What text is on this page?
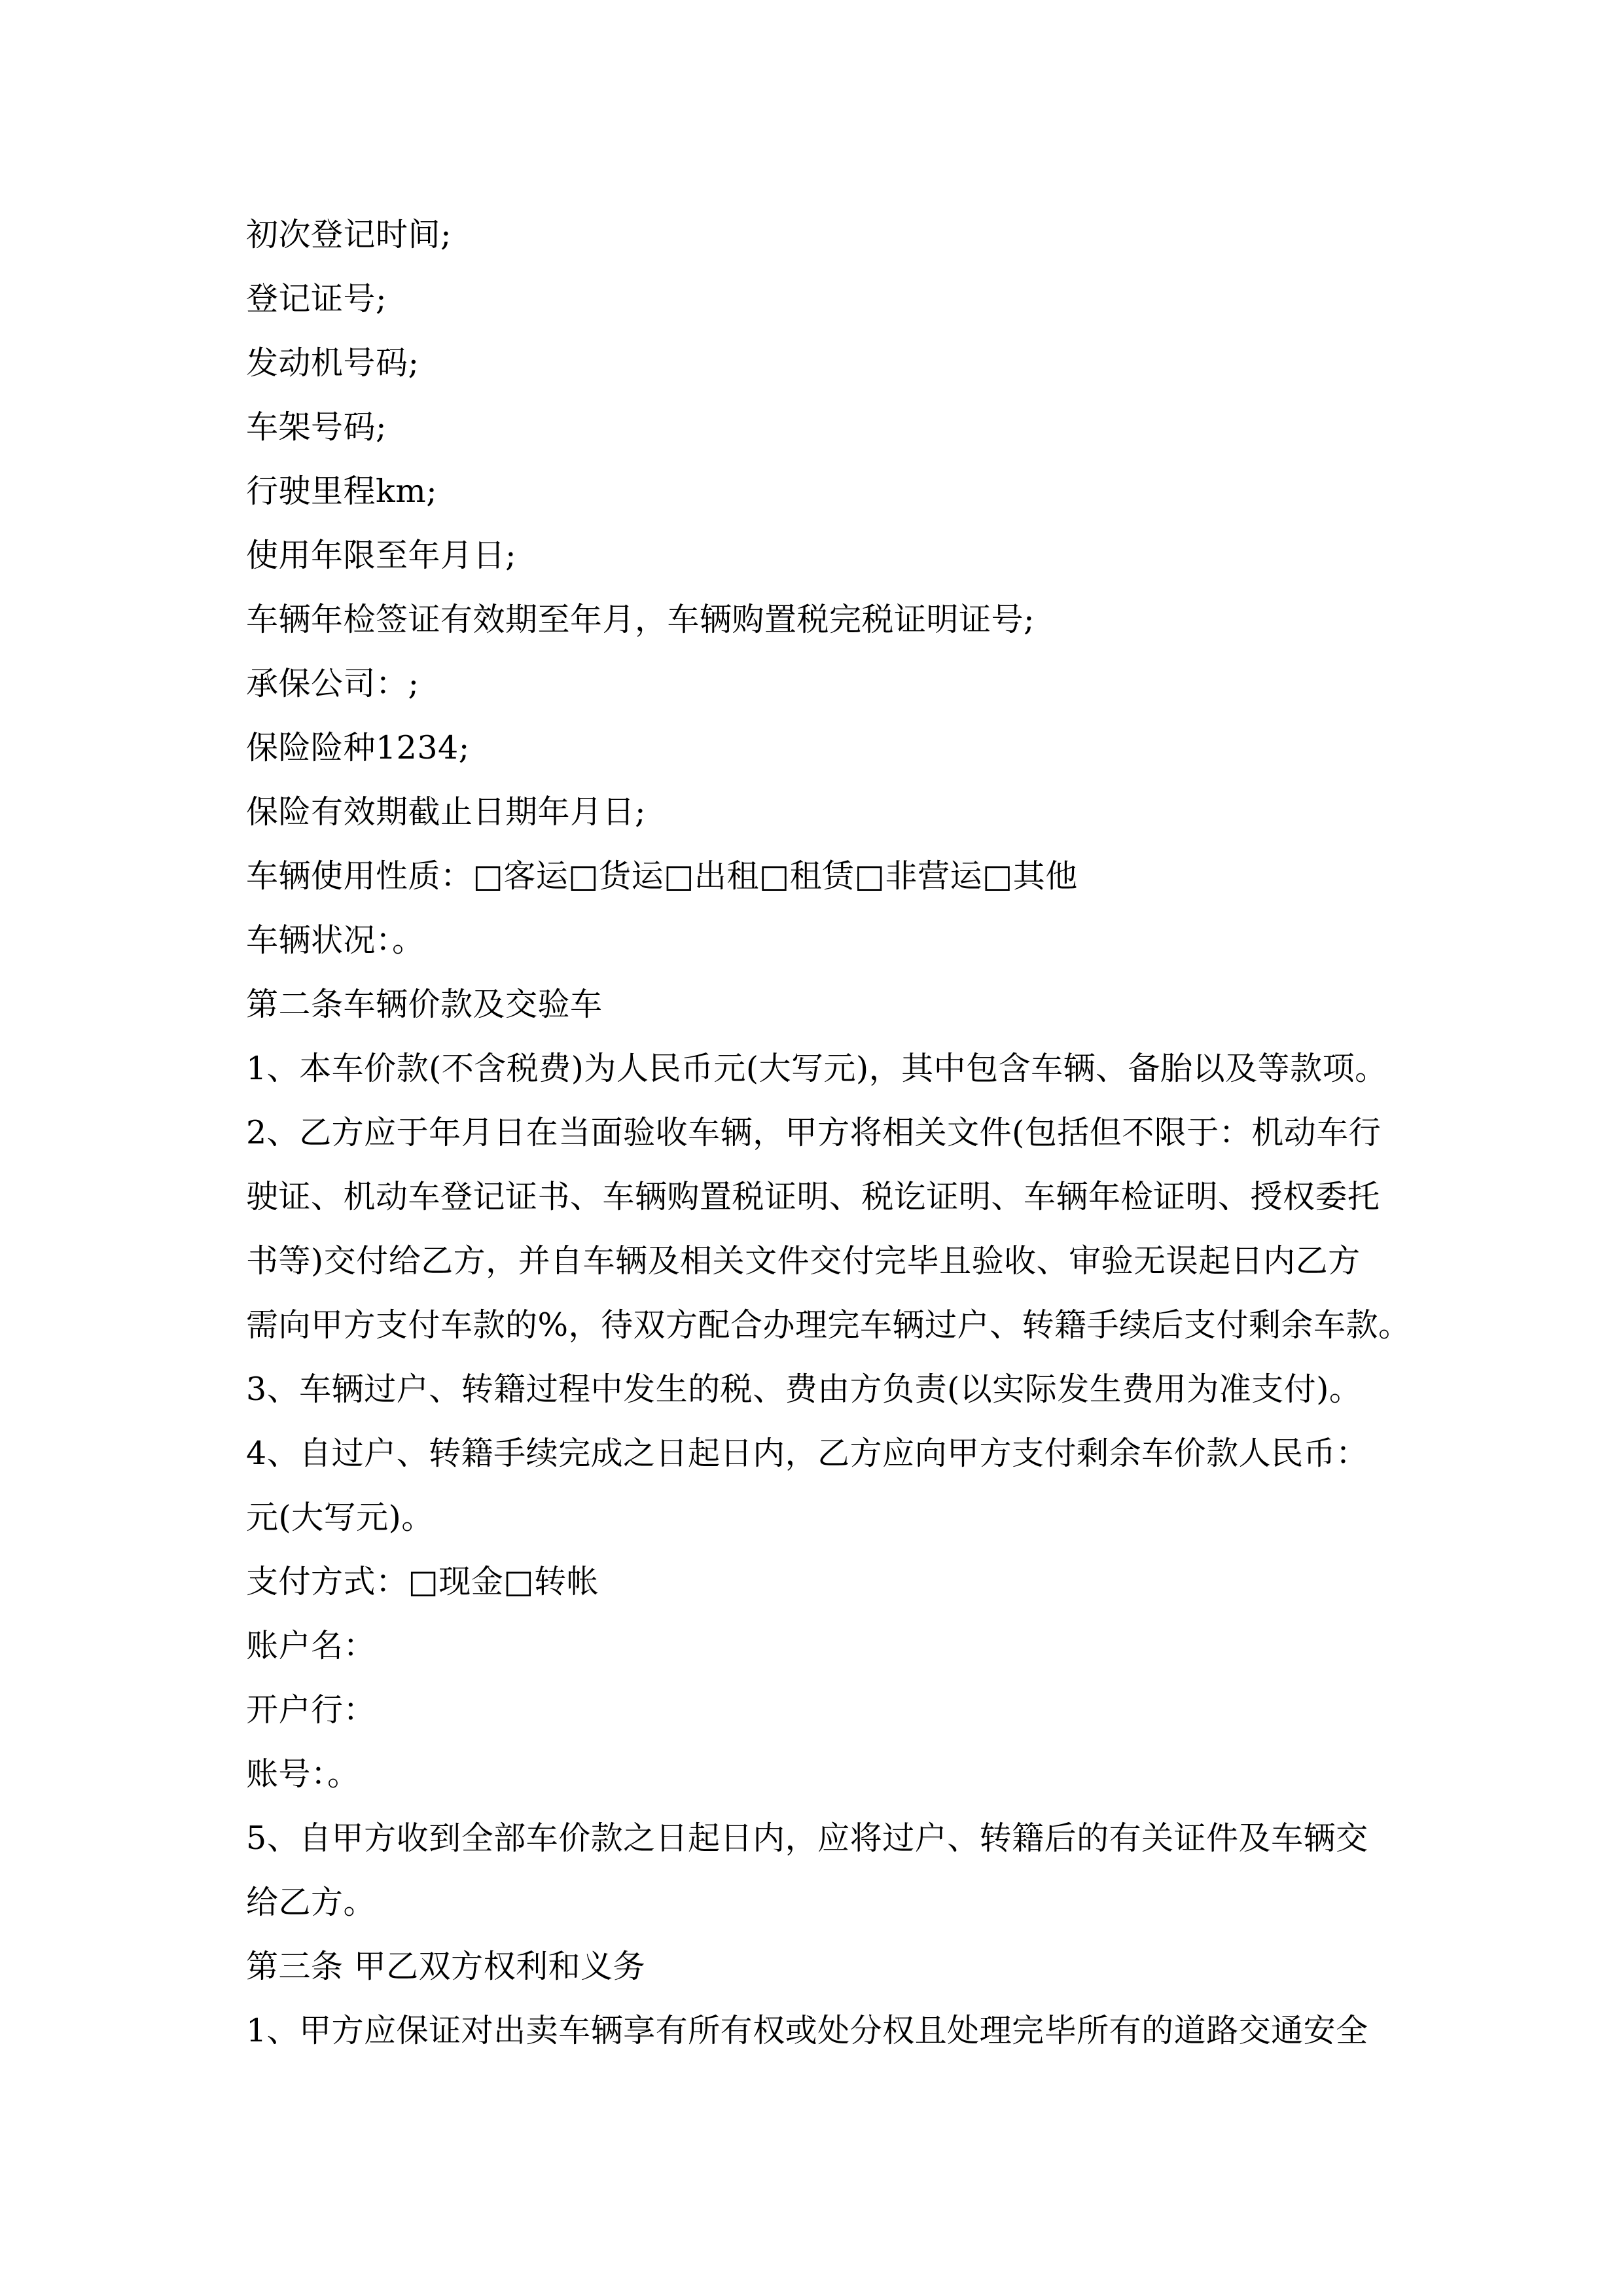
初次登记时间;
登记证号;
发动机号码;
车架号码;
行驶里程km;
使用年限至年月日;
车辆年检签证有效期至年月，车辆购置税完税证明证号;
承保公司：;
保险险种1234;
保险有效期截止日期年月日;
车辆使用性质：□客运□货运□出租□租赁□非营运□其他
车辆状况：。
第二条车辆价款及交验车
1、本车价款(不含税费)为人民币元(大写元)，其中包含车辆、备胎以及等款项。
2、乙方应于年月日在当面验收车辆，甲方将相关文件(包括但不限于：机动车行
驶证、机动车登记证书、车辆购置税证明、税讫证明、车辆年检证明、授权委托
书等)交付给乙方，并自车辆及相关文件交付完毕且验收、审验无误起日内乙方
需向甲方支付车款的%，待双方配合办理完车辆过户、转籍手续后支付剩余车款。
3、车辆过户、转籍过程中发生的税、费由方负责(以实际发生费用为准支付)。
4、自过户、转籍手续完成之日起日内，乙方应向甲方支付剩余车价款人民币：
元(大写元)。
支付方式：□现金□转帐
账户名：
开户行：
账号：。
5、自甲方收到全部车价款之日起日内，应将过户、转籍后的有关证件及车辆交
给乙方。
第三条 甲乙双方权利和义务
1、甲方应保证对出卖车辆享有所有权或处分权且处理完毕所有的道路交通安全
